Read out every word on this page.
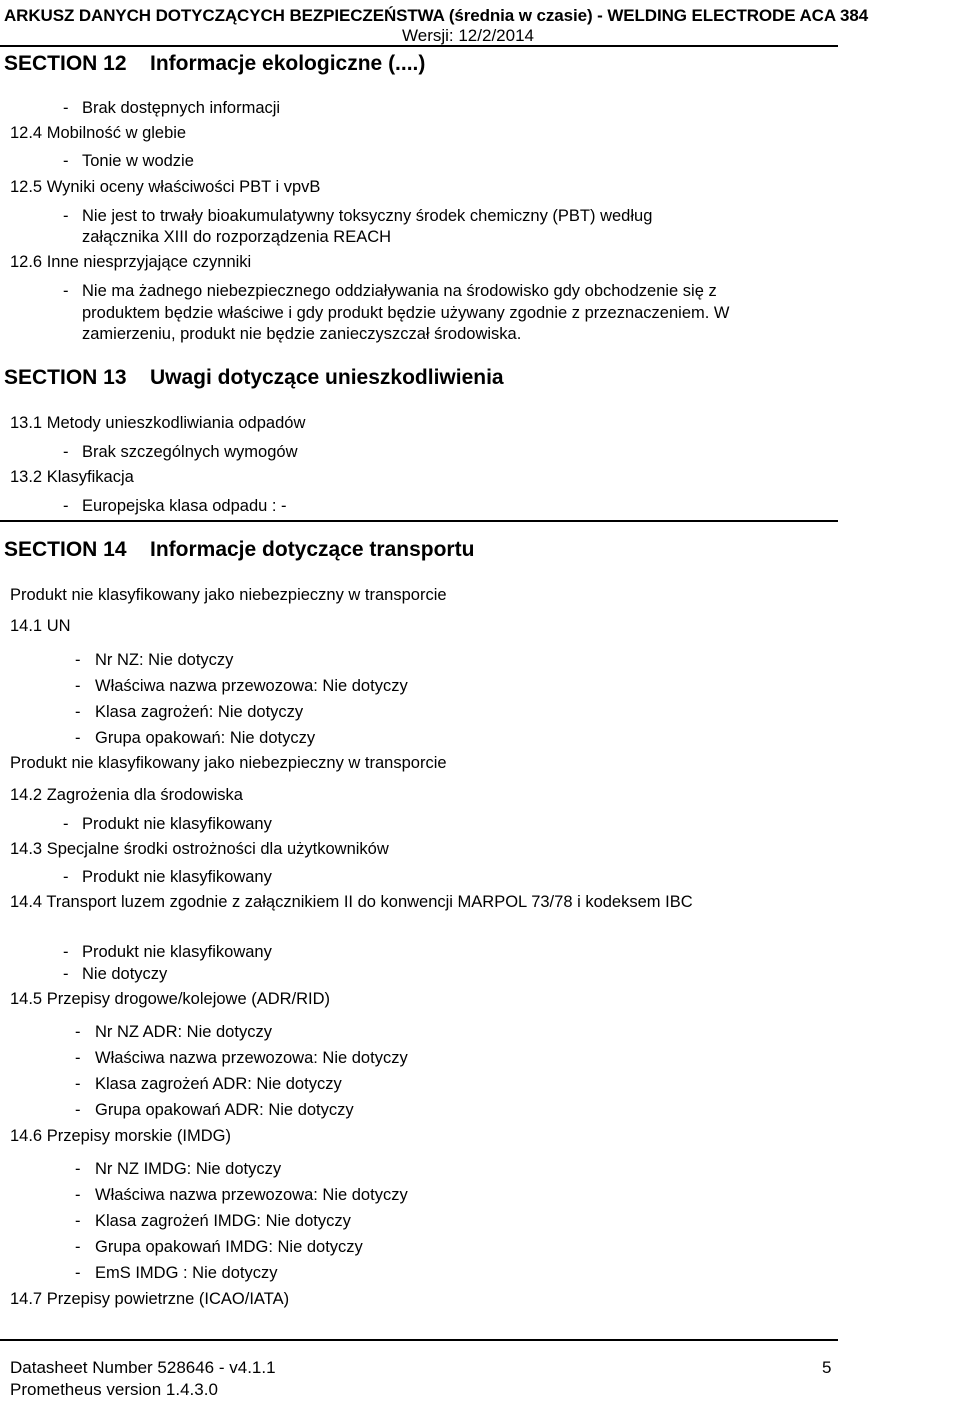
ARKUSZ DANYCH DOTYCZĄCYCH BEZPIECZEŃSTWA (średnia w czasie) - WELDING ELECTRODE ACA 384
Wersji: 12/2/2014
SECTION 12 Informacje ekologiczne (....)
- Brak dostępnych informacji
12.4 Mobilność w glebie
- Tonie w wodzie
12.5 Wyniki oceny właściwości PBT i vpvB
- Nie jest to trwały bioakumulatywny toksyczny środek chemiczny (PBT) według
załącznika XIII do rozporządzenia REACH
12.6 Inne niesprzyjające czynniki
- Nie ma żadnego niebezpiecznego oddziaływania na środowisko gdy obchodzenie się z
produktem będzie właściwe i gdy produkt będzie używany zgodnie z przeznaczeniem. W
zamierzeniu, produkt nie będzie zanieczyszczał środowiska.
SECTION 13 Uwagi dotyczące unieszkodliwienia
13.1 Metody unieszkodliwiania odpadów
- Brak szczególnych wymogów
13.2 Klasyfikacja
- Europejska klasa odpadu : -
SECTION 14 Informacje dotyczące transportu
Produkt nie klasyfikowany jako niebezpieczny w transporcie
14.1 UN
- Nr NZ: Nie dotyczy
- Właściwa nazwa przewozowa: Nie dotyczy
- Klasa zagrożeń: Nie dotyczy
- Grupa opakowań: Nie dotyczy
Produkt nie klasyfikowany jako niebezpieczny w transporcie
14.2 Zagrożenia dla środowiska
- Produkt nie klasyfikowany
14.3 Specjalne środki ostrożności dla użytkowników
- Produkt nie klasyfikowany
14.4 Transport luzem zgodnie z załącznikiem II do konwencji MARPOL 73/78 i kodeksem IBC
- Produkt nie klasyfikowany
- Nie dotyczy
14.5 Przepisy drogowe/kolejowe (ADR/RID)
- Nr NZ ADR: Nie dotyczy
- Właściwa nazwa przewozowa: Nie dotyczy
- Klasa zagrożeń ADR: Nie dotyczy
- Grupa opakowań ADR: Nie dotyczy
14.6 Przepisy morskie (IMDG)
- Nr NZ IMDG: Nie dotyczy
- Właściwa nazwa przewozowa: Nie dotyczy
- Klasa zagrożeń IMDG: Nie dotyczy
- Grupa opakowań IMDG: Nie dotyczy
- EmS IMDG : Nie dotyczy
14.7 Przepisy powietrzne (ICAO/IATA)
Datasheet Number 528646 - v4.1.1
Prometheus version 1.4.3.0
5
